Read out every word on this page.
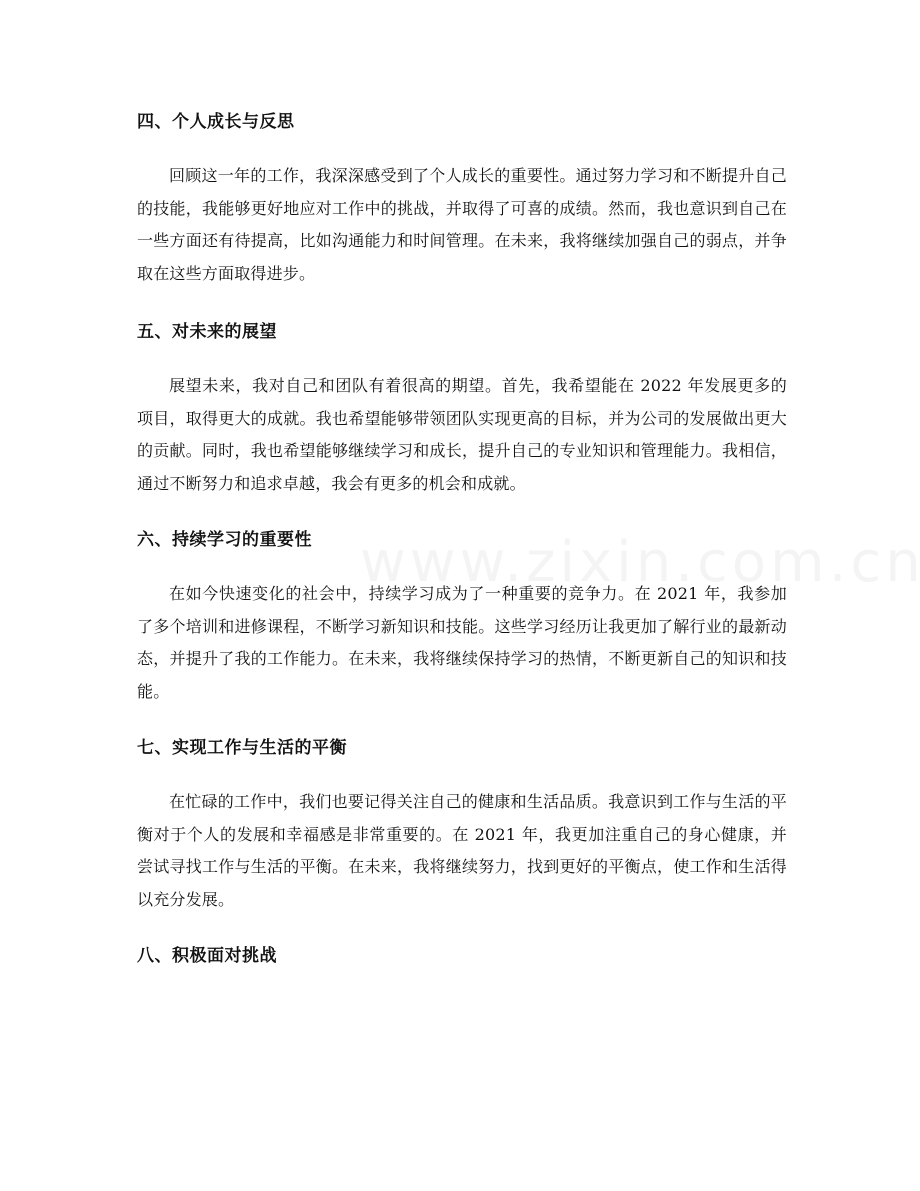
四、个人成长与反思

回顾这一年的工作，我深深感受到了个人成长的重要性。通过努力学习和不断提升自己的技能，我能够更好地应对工作中的挑战，并取得了可喜的成绩。然而，我也意识到自己在一些方面还有待提高，比如沟通能力和时间管理。在未来，我将继续加强自己的弱点，并争取在这些方面取得进步。

五、对未来的展望

展望未来，我对自己和团队有着很高的期望。首先，我希望能在 2022 年发展更多的项目，取得更大的成就。我也希望能够带领团队实现更高的目标，并为公司的发展做出更大的贡献。同时，我也希望能够继续学习和成长，提升自己的专业知识和管理能力。我相信，通过不断努力和追求卓越，我会有更多的机会和成就。

六、持续学习的重要性

在如今快速变化的社会中，持续学习成为了一种重要的竞争力。在 2021 年，我参加了多个培训和进修课程，不断学习新知识和技能。这些学习经历让我更加了解行业的最新动态，并提升了我的工作能力。在未来，我将继续保持学习的热情，不断更新自己的知识和技能。

七、实现工作与生活的平衡

在忙碌的工作中，我们也要记得关注自己的健康和生活品质。我意识到工作与生活的平衡对于个人的发展和幸福感是非常重要的。在 2021 年，我更加注重自己的身心健康，并尝试寻找工作与生活的平衡。在未来，我将继续努力，找到更好的平衡点，使工作和生活得以充分发展。

八、积极面对挑战
